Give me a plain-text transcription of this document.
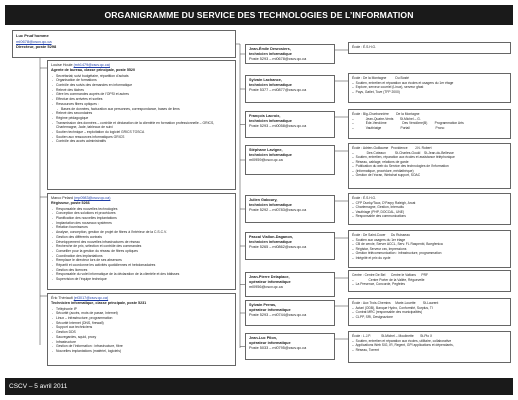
ORGANIGRAMME DU SERVICE DES TECHNOLOGIES DE L’INFORMATION
Luc Prud’homme
ml0678@cscv.qc.ca
Directeur, poste 5298
Louise Houle (mh1479@cscv.qc.ca)
Agente de bureau, classe principale, poste 5520
- Secrétariat; suivi budgétaire, répartition d’achats
- Organisation de formations
- Contrôle des suivis des demandes en informatique
- Relevé des tâches
- Gère les commandes auprès de l’OPSI et autres
- Effectue des arrivées et sorties
- Ressources fibres optiques :
- Bases de données, facturation aux personnes, correspondance, bases de liens
- Relevé des secondaires
- Régime pédagogique
- Transmission des données – contrôle et déclaration de la clientèle en formation professionnelle – GRICS, Charlemagne, Jade, tableaux de suivi
- Soutien technique – exploitation du logiciel GRICS TOSCA
- Soutien aux ressources informatiques GRICS
- Contrôle des accès administratifs
Marco Pelard (mp0983@cscv.qc.ca)
Régisseur, poste 5266
- Responsable des nouvelles technologies
- Conception des solutions et procédures
- Planification des nouvelles implantations
- Implantation des nouveaux systèmes
- Relation fournisseurs
- Analyse, conception, gestion de projet de fibres à l’intérieur de la C.S.C.V.
- Gestion des différents contrats
- Développement des nouvelles infrastructures de réseau
- Recherche de prix, sélection et contrôle des commandes
- Conseiller pour la gestion du réseau de fibres optiques
- Coordination des implantations
- Remplace le directeur lors de ses absences
- Répartit et coordonne les activités quotidiennes et hebdomadaires
- Gestion des licences
- Responsable du volet informatique de la déclaration de la clientèle et des bâtisses
- Supervision de l’équipe technique
Éric Thériault (et3017@cscv.qc.ca)
Technicien informatique, classe principale, poste 5231
- Téléphonie IP
- Sécurité (accès, mots de passe, Internet)
- Linux – infrastructure, programmation
- Sécurité Internet (DNS, firewall)
- Support aux techniciens
- Gestion DDS
- Sauvegardes, squid, proxy
- Infrastructure
- Gestion de l’information : infrastructure, fibre
- Nouvelles implantations (matériel, logiciels)
Jean-Émile Desrosiers,
technicien informatique
Poste 5293 – ml0678@cscv.qc.ca
Sylvain Lachance,
technicien informatique
Poste 5377 – ml0877@cscv.qc.ca
François Lacroix,
technicien informatique
Poste 5293 – ml0058@cscv.qc.ca
Stéphane Lavigne,
technicien informatique
ml0959@cscv.qc.ca
Julien Gaboury,
technicien informatique
Poste 5292 – ml0783@cscv.qc.ca
Pascal Viallon-Daganon,
technicien informatique
Poste 5265 – ml0862@cscv.qc.ca
Jean-Pierre Delaplace,
opérateur informatique
ml0956@cscv.qc.ca
Sylvain Perras,
opérateur informatique
Poste 5293 – ml0744@cscv.qc.ca
Jean-Luc Pilon,
opérateur informatique
Poste 5033 – ml0795@cscv.qc.ca
École : É.S.H.G.
École : De la Montagne          Du Bosté
–  Soutien, entretien et réparation aux écoles et usagers du 1er étage
–  Explore, serveur courriel (Linux), serveur gfast
–  Pays, Gatlet, Tove (TFP 2000)
École : Big-Charbonnière        De la Montagne
–             Jean-Quatre-Vents       St-Michel – G.
–             Éde-Vendôme                 Des Vendôme(B)        Programmation Arts
–             Vauthiatge                     Portail                            Prono
École : Adrien-Guillaume   Providence        J.N. Robert
–              Des Coteaux          St-Charles-Gould    St-Jean-du-Bellevue
–  Soutien, entretien, réparation aux écoles et assistance téléphonique
–  Réseau, cablage, relations de garde
–  Publication du web du Service des technologies de l’information
–  (informatique, procédure, médiathèque)
–  Gestion de l’écran, Webchat support, SOAC
École : É.S.H.G.
–  CFP Dunky/Taux, D’Parpy Raleigh, Arcat
–  Charlemagne, Gestion, Intersoltu
–  Vauthiage (PHP, DOCCAL, UNE)
–  Responsable des communications
École : De Saint-Cocer      Du Ruisseau
–  Soutien aux usagers du 1er étage
–  CB de cercle, Server ACCL, Serv. FL Raspenbi, Boegfenica
–  Régistar, Serveur csv, Impressions
–  Gestion télécommunication : infrastructure, programmation
–  Intégrité et prix du cycle
Centre : Centre De Bel      Centre le Valtons      PRF
–                Centre Porter de la Vallée, Réguevelle
–  La Presence, Concorde, Pegfeles
École : Aux Trois-Chemins     Marie-Louette        St-Laurent
–  Actari (ODB), Banque Hydro, Conformité, Surplus, TI
–  Contrat MRC (responsable des municipalités)
–  CLPP, SRI, Designazione
École : L.J.P.           St-Michel – Moulinette       St-Pio X
–  Soutien, entretien et réparation aux écoles, utilitaire, collaborative
–  Applications Web SIG, IR, Regent, GPI applications et dépendants,
–  Réseau, Torrent
CSCV – 5 avril 2011
